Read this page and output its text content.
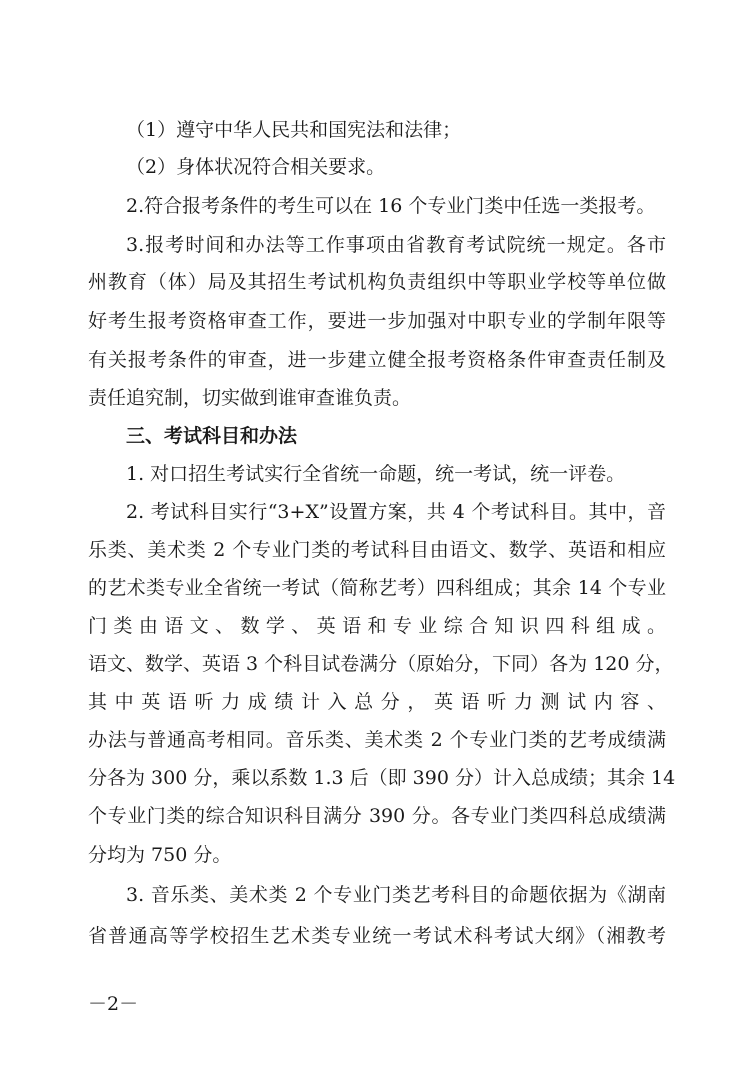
（1）遵守中华人民共和国宪法和法律；
（2）身体状况符合相关要求。
2.符合报考条件的考生可以在 16 个专业门类中任选一类报考。
3.报考时间和办法等工作事项由省教育考试院统一规定。各市
州教育（体）局及其招生考试机构负责组织中等职业学校等单位做
好考生报考资格审查工作，要进一步加强对中职专业的学制年限等
有关报考条件的审查，进一步建立健全报考资格条件审查责任制及
责任追究制，切实做到谁审查谁负责。
三、考试科目和办法
1. 对口招生考试实行全省统一命题，统一考试，统一评卷。
2. 考试科目实行“3+X”设置方案，共 4 个考试科目。其中，音
乐类、美术类 2 个专业门类的考试科目由语文、数学、英语和相应
的艺术类专业全省统一考试（简称艺考）四科组成；其余 14 个专业
门类由语文、数学、英语和专业综合知识四科组成。
语文、数学、英语 3 个科目试卷满分（原始分，下同）各为 120 分，
其中英语听力成绩计入总分，英语听力测试内容、
办法与普通高考相同。音乐类、美术类 2 个专业门类的艺考成绩满
分各为 300 分，乘以系数 1.3 后（即 390 分）计入总成绩；其余 14
个专业门类的综合知识科目满分 390 分。各专业门类四科总成绩满
分均为 750 分。
3. 音乐类、美术类 2 个专业门类艺考科目的命题依据为《湖南
省普通高等学校招生艺术类专业统一考试术科考试大纲》（湘教考
－2－
